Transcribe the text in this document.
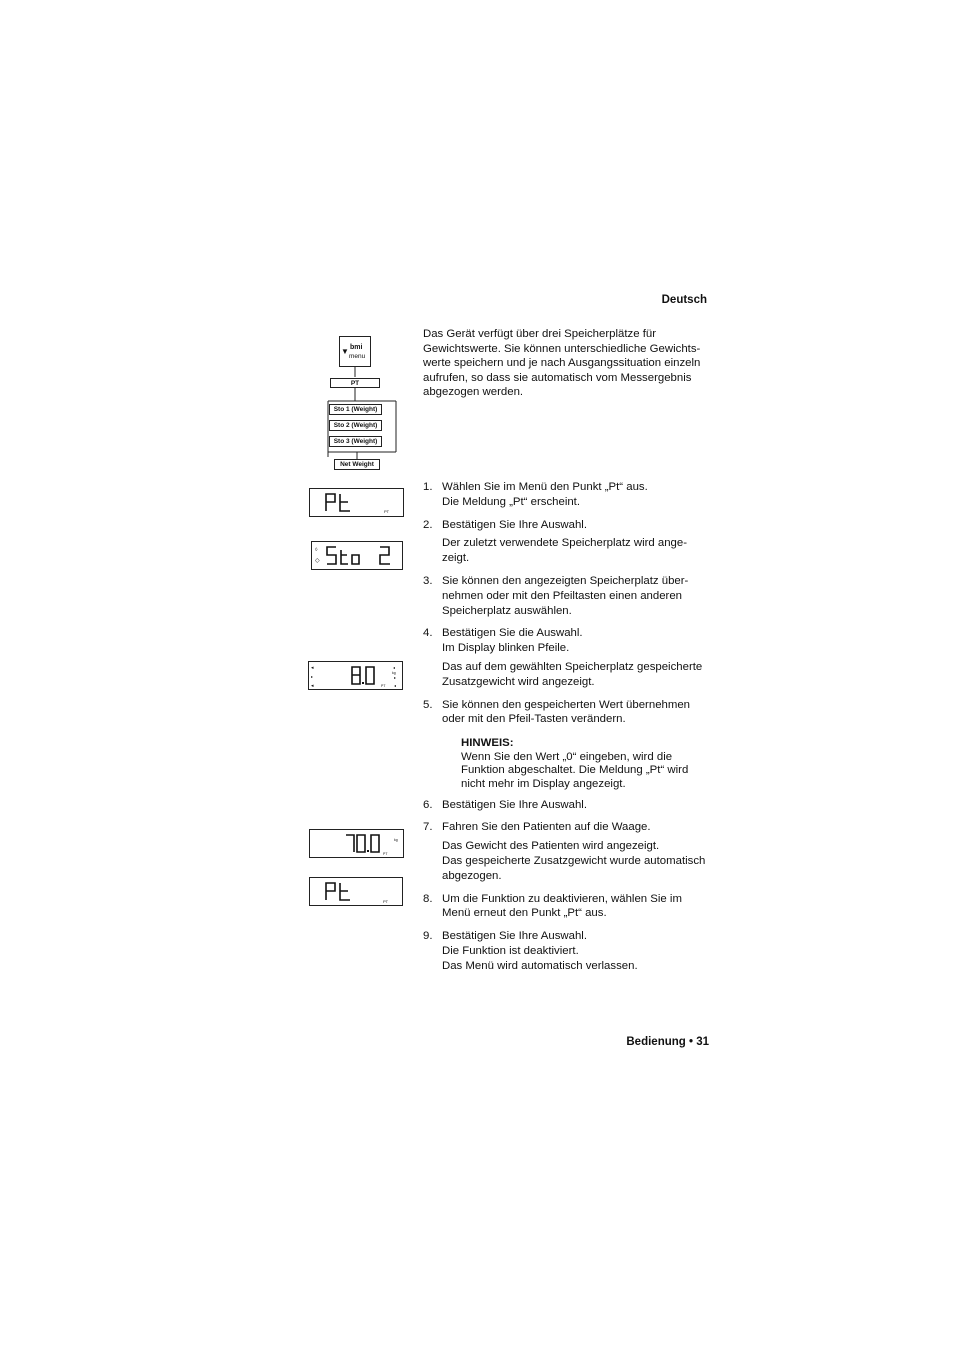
Deutsch
Das Gerät verfügt über drei Speicherplätze für Gewichtswerte. Sie können unterschiedliche Gewichts-werte speichern und je nach Ausgangssituation einzeln aufrufen, so dass sie automatisch vom Messergebnis abgezogen werden.
▼ bmi
menu
PT
Sto 1 (Weight)
Sto 2 (Weight)
Sto 3 (Weight)
Net Weight
PT
◊
◇
◂
▸
◂
◂
kg
▸
PT ◂
kg
PT
PT
1. Wählen Sie im Menü den Punkt „Pt“ aus.

Die Meldung „Pt“ erscheint.

2. Bestätigen Sie Ihre Auswahl.

Der zuletzt verwendete Speicherplatz wird ange-zeigt.

3. Sie können den angezeigten Speicherplatz über-nehmen oder mit den Pfeiltasten einen anderen Speicherplatz auswählen.

4. Bestätigen Sie die Auswahl.

Im Display blinken Pfeile.

Das auf dem gewählten Speicherplatz gespeicherte Zusatzgewicht wird angezeigt.

5. Sie können den gespeicherten Wert übernehmen oder mit den Pfeil-Tasten verändern.

HINWEIS:
Wenn Sie den Wert „0“ eingeben, wird die Funktion abgeschaltet. Die Meldung „Pt“ wird nicht mehr im Display angezeigt.
6. Bestätigen Sie Ihre Auswahl.

7. Fahren Sie den Patienten auf die Waage.

Das Gewicht des Patienten wird angezeigt.

Das gespeicherte Zusatzgewicht wurde automatisch abgezogen.

8. Um die Funktion zu deaktivieren, wählen Sie im Menü erneut den Punkt „Pt“ aus.

9. Bestätigen Sie Ihre Auswahl.

Die Funktion ist deaktiviert.

Das Menü wird automatisch verlassen.

Bedienung • 31
